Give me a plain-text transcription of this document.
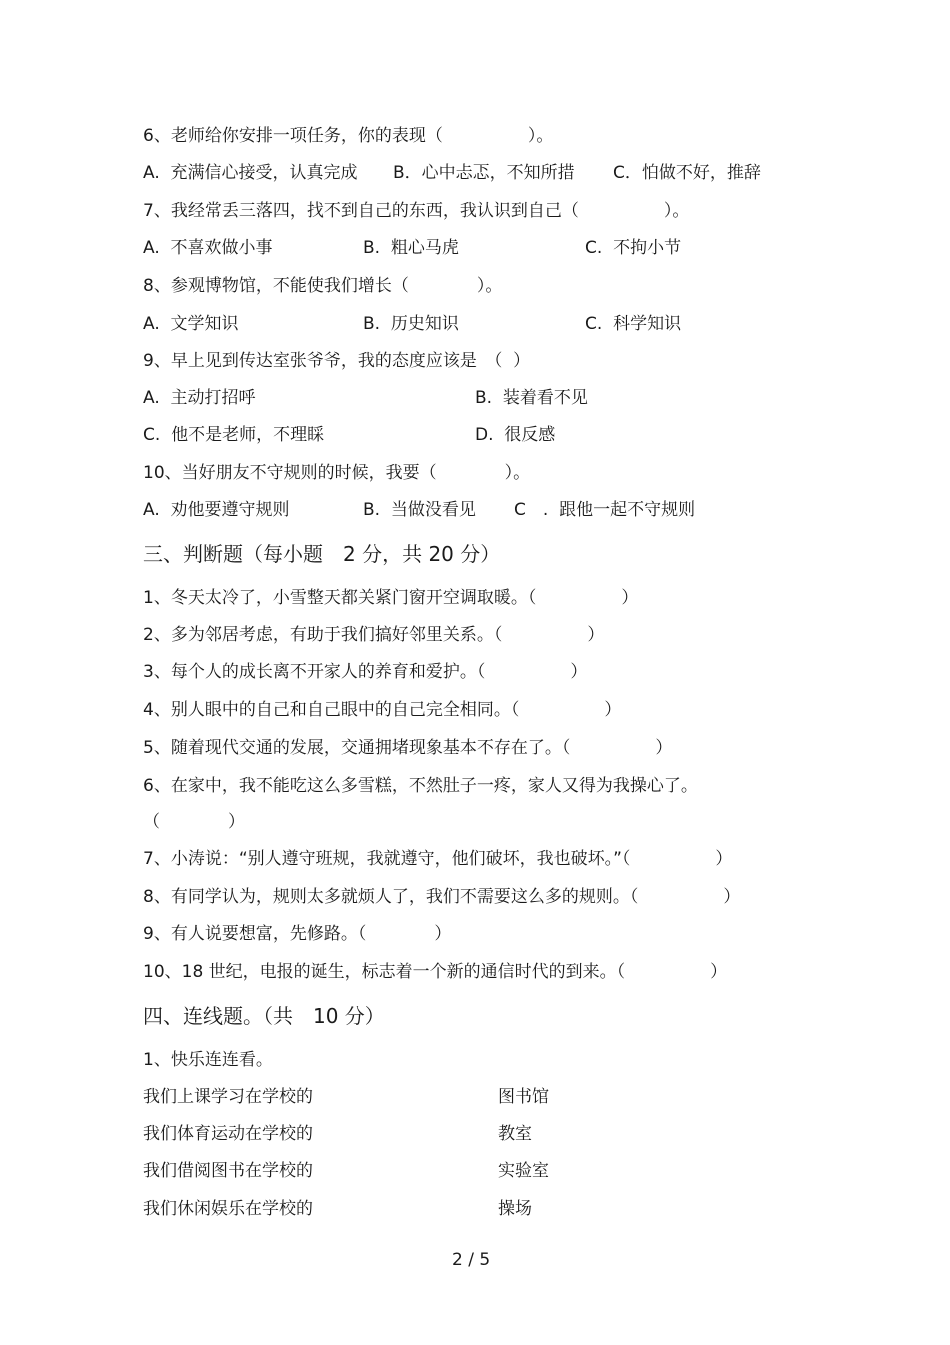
6、老师给你安排一项任务，你的表现（　　　　　）。
A.  充满信心接受，认真完成 B．心中忐忑，不知所措 C．怕做不好，推辞
7、我经常丢三落四，找不到自己的东西，我认识到自己（　　　　　）。
A.  不喜欢做小事	B.  粗心马虎	C.  不拘小节
8、参观博物馆，不能使我们增长（　　　　）。
A.  文学知识	B.  历史知识	C.  科学知识
9、早上见到传达室张爷爷，我的态度应该是　（  ）
A.  主动打招呼	B.  装着看不见
C.  他不是老师，不理睬	D.  很反感
10、当好朋友不守规则的时候，我要（　　　　）。
A.  劝他要遵守规则	B.  当做没看见 C　.  跟他一起不守规则
三、判断题（每小题　2 分，共 20 分）
1、冬天太冷了，小雪整天都关紧门窗开空调取暖。（　　　　　）
2、多为邻居考虑，有助于我们搞好邻里关系。（　　　　　）
3、每个人的成长离不开家人的养育和爱护。（　　　　　）
4、别人眼中的自己和自己眼中的自己完全相同。（　　　　　）
5、随着现代交通的发展，交通拥堵现象基本不存在了。（　　　　　）
6、在家中，我不能吃这么多雪糕，不然肚子一疼，家人又得为我操心了。
（　　　　）
7、小涛说：“别人遵守班规，我就遵守，他们破坏，我也破坏。”（　　　　　）
8、有同学认为，规则太多就烦人了，我们不需要这么多的规则。（　　　　　）
9、有人说要想富，先修路。（　　　　）
10、18 世纪，电报的诞生，标志着一个新的通信时代的到来。（　　　　　）
四、连线题。（共　10 分）
1、快乐连连看。
我们上课学习在学校的	图书馆
我们体育运动在学校的	教室
我们借阅图书在学校的	实验室
我们休闲娱乐在学校的	操场
2 / 5
